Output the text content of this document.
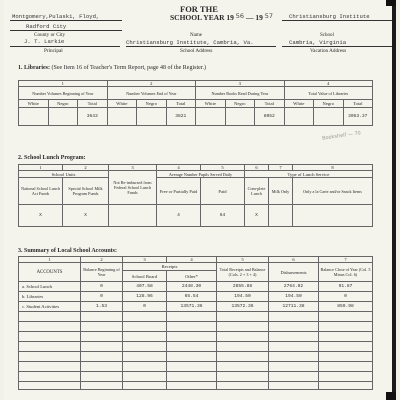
FOR THE
SCHOOL YEAR 19 56 — 19 57
Montgomery,Pulaski, Floyd,	Christiansburg Institute
Radford City
County or City
J. T. Larkie
Name
Christiansburg Institute, Cambria, Va.
School
Cambria, Virginia
Principal	School Address	Vacation Address
1. Libraries: (See Item 16 of Teacher's Term Report, page 48 of the Register.)
1			2			3			4		
Number Volumes Beginning of Year			Number Volumes End of Year			Number Books Read During Year			Total Value of Libraries		
White	Negro	Total	White	Negro	Total	White	Negro	Total	White	Negro	Total
		3643			3821			8052			3053.37
Bookshelf — 70
2. School Lunch Program:
1	2	3	4	5	6	7	8
School Units		Not Re-imbursed from Federal School Lunch Funds	Average Number Pupils Served Daily		Type of Lunch Service		
National School Lunch Act Funds	Special School Milk Program Funds		Free or Partially Paid	Paid	Com-plete Lunch	Milk Only	Only a la Carte and/or Snack Items
X	X		4	64	X		
3. Summary of Local School Accounts:
1	2	3	4	5	6	7
ACCOUNTS	Balance Beginning of Year	Receipts		Total Receipts and Balance (Cols. 2 + 3 + 4)	Disbursements	Balance Close of Year (Col. 5 Minus Col. 6)
		School Board	Other*			
a. School Lunch	0	407.58	2448.30	2855.88	2764.02	91.87
b. Libraries	0	128.96	65.54	194.50	194.50	0
c. Student Activities	1.53	0	13571.36	13572.36	12711.38	859.98
